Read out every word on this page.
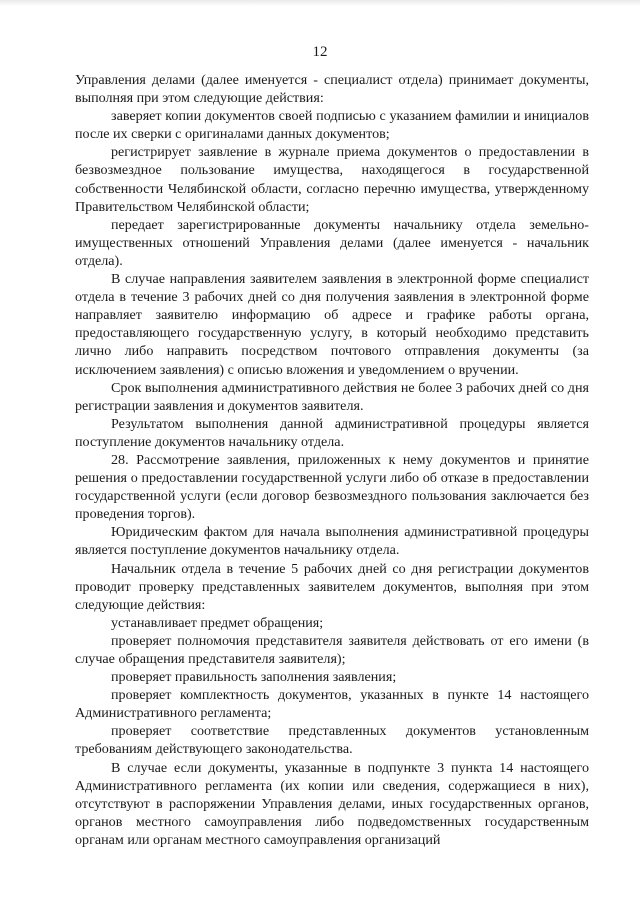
12

Управления делами (далее именуется - специалист отдела) принимает документы, выполняя при этом следующие действия:

заверяет копии документов своей подписью с указанием фамилии и инициалов после их сверки с оригиналами данных документов;

регистрирует заявление в журнале приема документов о предоставлении в безвозмездное пользование имущества, находящегося в государственной собственности Челябинской области, согласно перечню имущества, утвержденному Правительством Челябинской области;

передает зарегистрированные документы начальнику отдела земельно-имущественных отношений Управления делами (далее именуется - начальник отдела).

В случае направления заявителем заявления в электронной форме специалист отдела в течение 3 рабочих дней со дня получения заявления в электронной форме направляет заявителю информацию об адресе и графике работы органа, предоставляющего государственную услугу, в который необходимо представить лично либо направить посредством почтового отправления документы (за исключением заявления) с описью вложения и уведомлением о вручении.

Срок выполнения административного действия не более 3 рабочих дней со дня регистрации заявления и документов заявителя.

Результатом выполнения данной административной процедуры является поступление документов начальнику отдела.

28. Рассмотрение заявления, приложенных к нему документов и принятие решения о предоставлении государственной услуги либо об отказе в предоставлении государственной услуги (если договор безвозмездного пользования заключается без проведения торгов).

Юридическим фактом для начала выполнения административной процедуры является поступление документов начальнику отдела.

Начальник отдела в течение 5 рабочих дней со дня регистрации документов проводит проверку представленных заявителем документов, выполняя при этом следующие действия:

устанавливает предмет обращения;

проверяет полномочия представителя заявителя действовать от его имени (в случае обращения представителя заявителя);

проверяет правильность заполнения заявления;

проверяет комплектность документов, указанных в пункте 14 настоящего Административного регламента;

проверяет соответствие представленных документов установленным требованиям действующего законодательства.

В случае если документы, указанные в подпункте 3 пункта 14 настоящего Административного регламента (их копии или сведения, содержащиеся в них), отсутствуют в распоряжении Управления делами, иных государственных органов, органов местного самоуправления либо подведомственных государственным органам или органам местного самоуправления организаций
